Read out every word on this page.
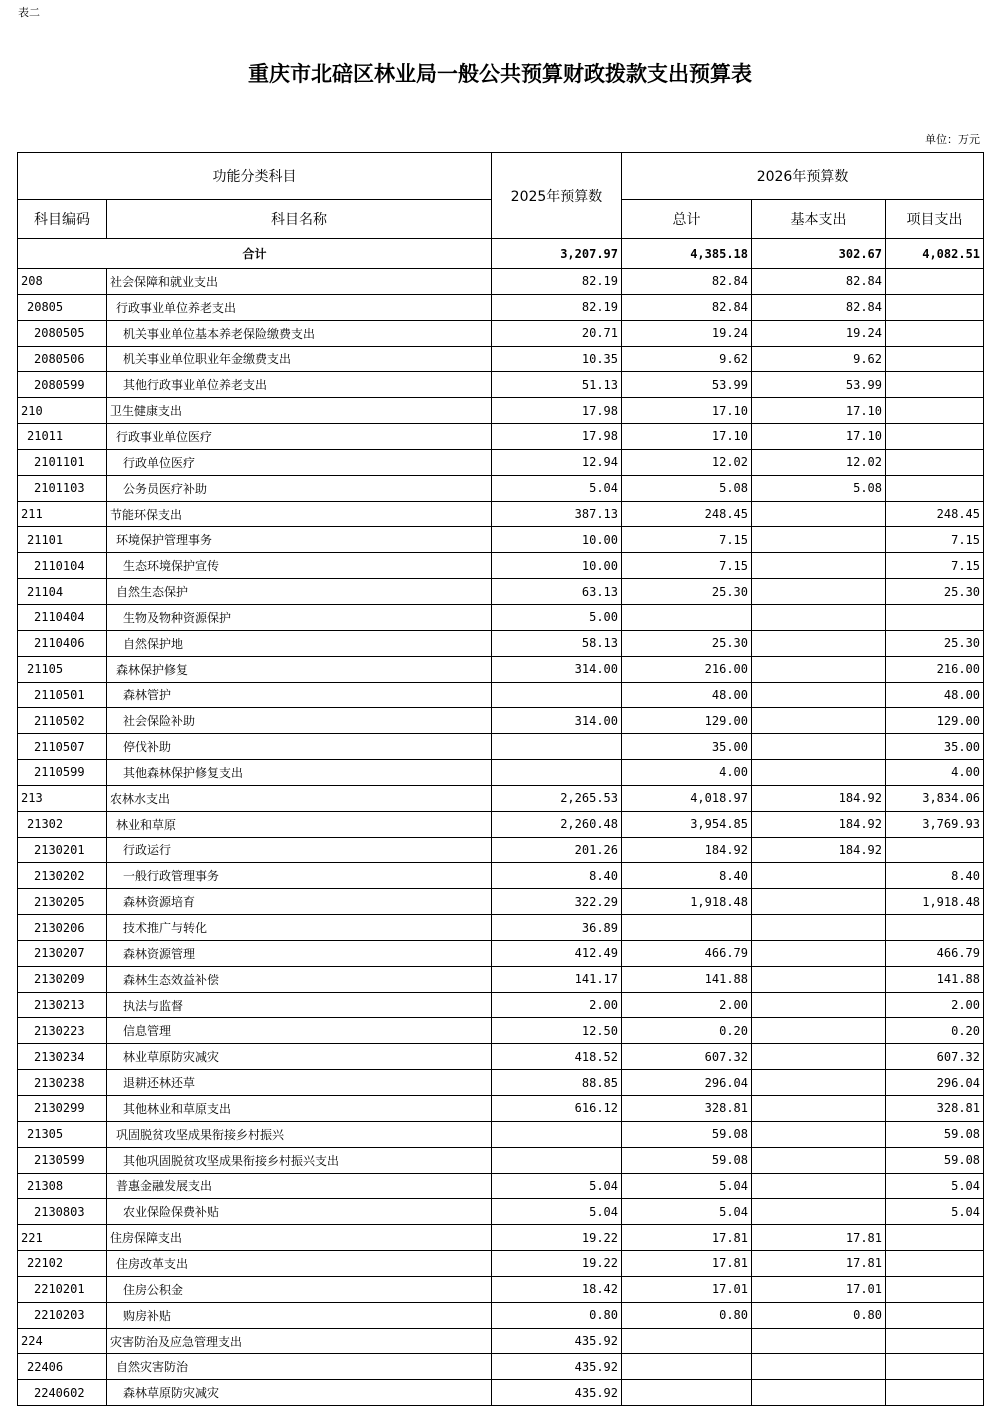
表二
重庆市北碚区林业局一般公共预算财政拨款支出预算表
单位：万元
功能分类科目		2025年预算数	2026年预算数		
科目编码	科目名称		总计	基本支出	项目支出
合计		3,207.97	4,385.18	302.67	4,082.51
208	社会保障和就业支出	82.19	82.84	82.84	
20805	行政事业单位养老支出	82.19	82.84	82.84	
2080505	机关事业单位基本养老保险缴费支出	20.71	19.24	19.24	
2080506	机关事业单位职业年金缴费支出	10.35	9.62	9.62	
2080599	其他行政事业单位养老支出	51.13	53.99	53.99	
210	卫生健康支出	17.98	17.10	17.10	
21011	行政事业单位医疗	17.98	17.10	17.10	
2101101	行政单位医疗	12.94	12.02	12.02	
2101103	公务员医疗补助	5.04	5.08	5.08	
211	节能环保支出	387.13	248.45		248.45
21101	环境保护管理事务	10.00	7.15		7.15
2110104	生态环境保护宣传	10.00	7.15		7.15
21104	自然生态保护	63.13	25.30		25.30
2110404	生物及物种资源保护	5.00			
2110406	自然保护地	58.13	25.30		25.30
21105	森林保护修复	314.00	216.00		216.00
2110501	森林管护		48.00		48.00
2110502	社会保险补助	314.00	129.00		129.00
2110507	停伐补助		35.00		35.00
2110599	其他森林保护修复支出		4.00		4.00
213	农林水支出	2,265.53	4,018.97	184.92	3,834.06
21302	林业和草原	2,260.48	3,954.85	184.92	3,769.93
2130201	行政运行	201.26	184.92	184.92	
2130202	一般行政管理事务	8.40	8.40		8.40
2130205	森林资源培育	322.29	1,918.48		1,918.48
2130206	技术推广与转化	36.89			
2130207	森林资源管理	412.49	466.79		466.79
2130209	森林生态效益补偿	141.17	141.88		141.88
2130213	执法与监督	2.00	2.00		2.00
2130223	信息管理	12.50	0.20		0.20
2130234	林业草原防灾减灾	418.52	607.32		607.32
2130238	退耕还林还草	88.85	296.04		296.04
2130299	其他林业和草原支出	616.12	328.81		328.81
21305	巩固脱贫攻坚成果衔接乡村振兴		59.08		59.08
2130599	其他巩固脱贫攻坚成果衔接乡村振兴支出		59.08		59.08
21308	普惠金融发展支出	5.04	5.04		5.04
2130803	农业保险保费补贴	5.04	5.04		5.04
221	住房保障支出	19.22	17.81	17.81	
22102	住房改革支出	19.22	17.81	17.81	
2210201	住房公积金	18.42	17.01	17.01	
2210203	购房补贴	0.80	0.80	0.80	
224	灾害防治及应急管理支出	435.92			
22406	自然灾害防治	435.92			
2240602	森林草原防灾减灾	435.92			
